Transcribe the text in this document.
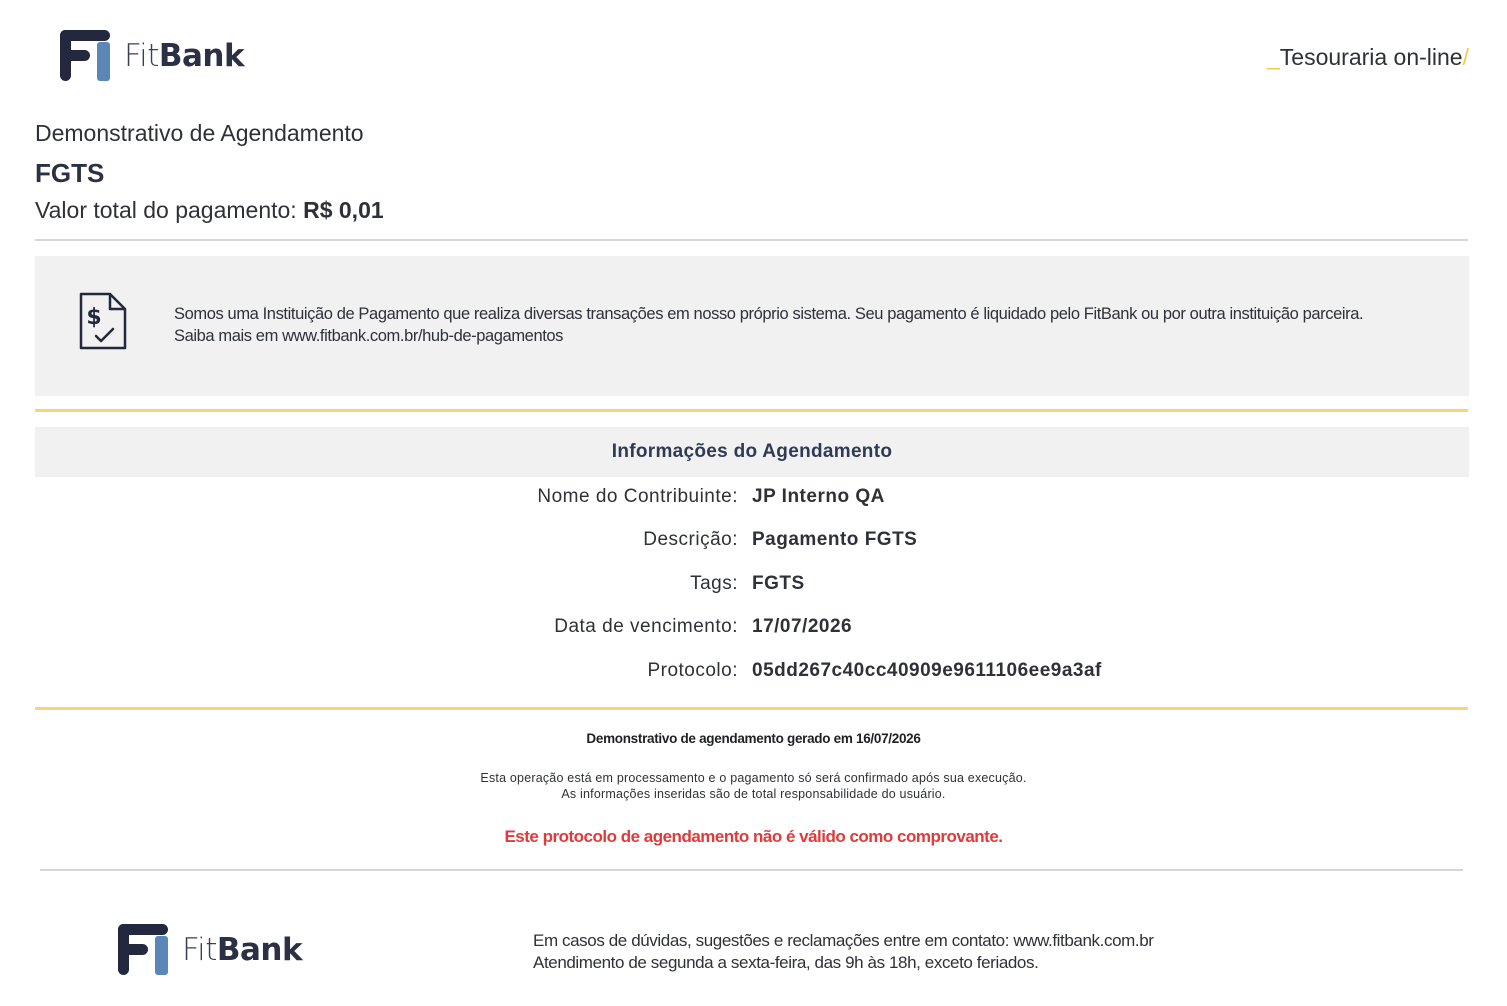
FitBank	_Tesouraria on-line/
Demonstrativo de Agendamento
FGTS
Valor total do pagamento: R$ 0,01
$	Somos uma Instituição de Pagamento que realiza diversas transações em nosso próprio sistema. Seu pagamento é liquidado pelo FitBank ou por outra instituição parceira.
Saiba mais em www.fitbank.com.br/hub-de-pagamentos
Informações do Agendamento
Nome do Contribuinte: JP Interno QA
Descrição: Pagamento FGTS
Tags: FGTS
Data de vencimento: 17/07/2026
Protocolo: 05dd267c40cc40909e9611106ee9a3af
Demonstrativo de agendamento gerado em 16/07/2026
Esta operação está em processamento e o pagamento só será confirmado após sua execução.
As informações inseridas são de total responsabilidade do usuário.
Este protocolo de agendamento não é válido como comprovante.
FitBank	Em casos de dúvidas, sugestões e reclamações entre em contato: www.fitbank.com.br
Atendimento de segunda a sexta-feira, das 9h às 18h, exceto feriados.
